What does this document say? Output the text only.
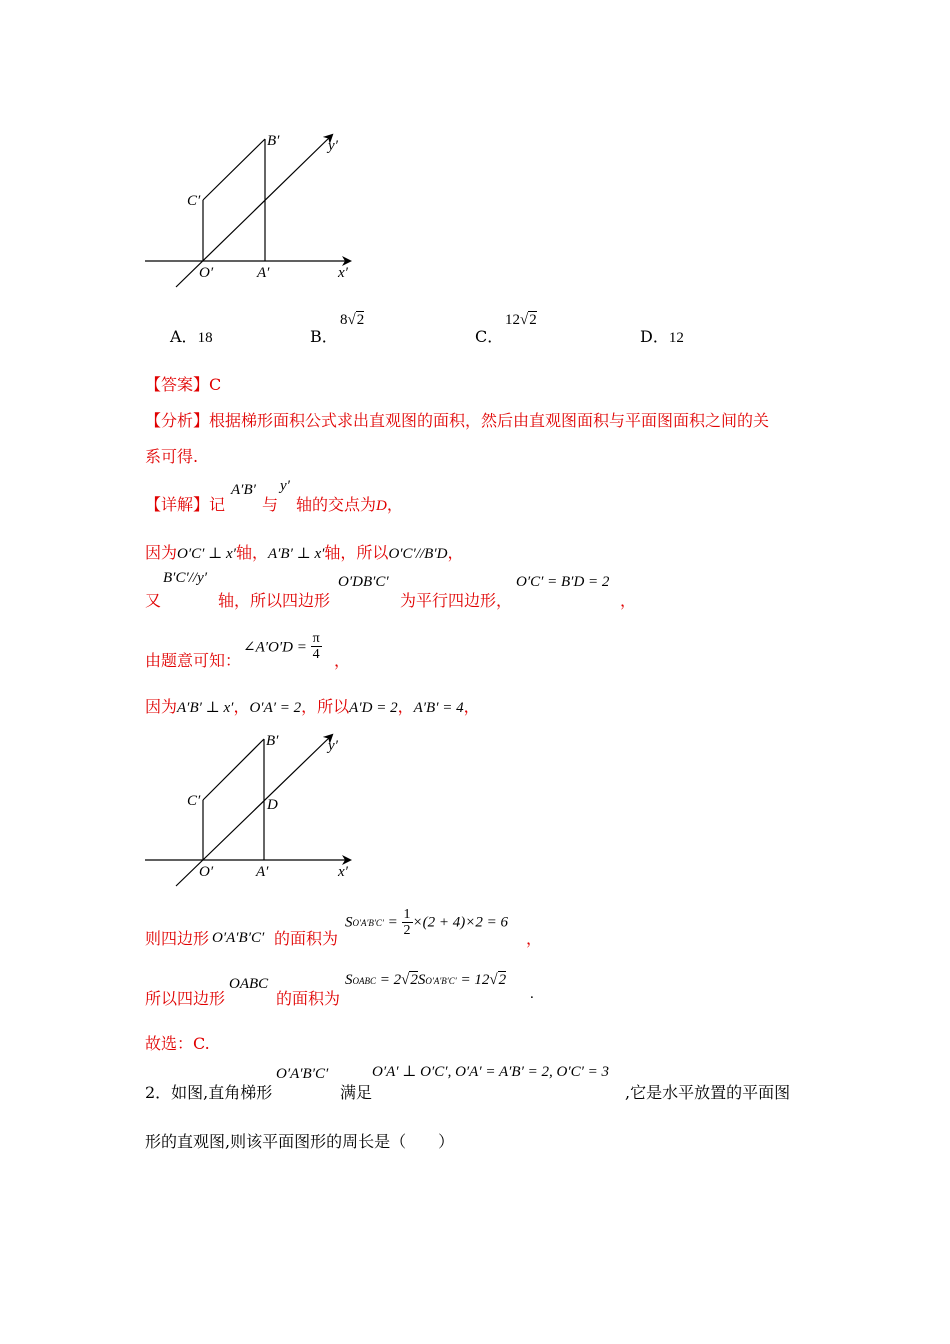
B′	y′
C′
O′	A′	x′
A．18	B．
8√2
C．
12√2
D．12
【答案】C
【分析】根据梯形面积公式求出直观图的面积，然后由直观图面积与平面图面积之间的关
系可得.
【详解】记
A′B′
与
y′
轴的交点为D，
因为O′C′ ⊥ x′轴，A′B′ ⊥ x′轴，所以O′C′//B′D，
又
B′C′//y′
轴，所以四边形
O′DB′C′
为平行四边形，
O′C′ = B′D = 2
，
由题意可知：
∠A′O′D = $\frac{\pi}{4}$ ，
因为A′B′ ⊥ x′，O′A′ = 2，所以A′D = 2，A′B′ = 4，
B′	y′
C′	D
O′	A′	x′
则四边形 O′A′B′C′ 的面积为
$SO'A'B'C' = \frac{1}{2} \times(2 + 4)\times 2 = 6$
，
所以四边形
OABC
的面积为
SOABC = 2√2SO′A′B′C′ = 12√2
.
故选：C.
2．如图,直角梯形
O′A′B′C′
满足
O′A′ ⊥ O′C′, O′A′ = A′B′ = 2, O′C′ = 3
,它是水平放置的平面图
形的直观图,则该平面图形的周长是（　　）
